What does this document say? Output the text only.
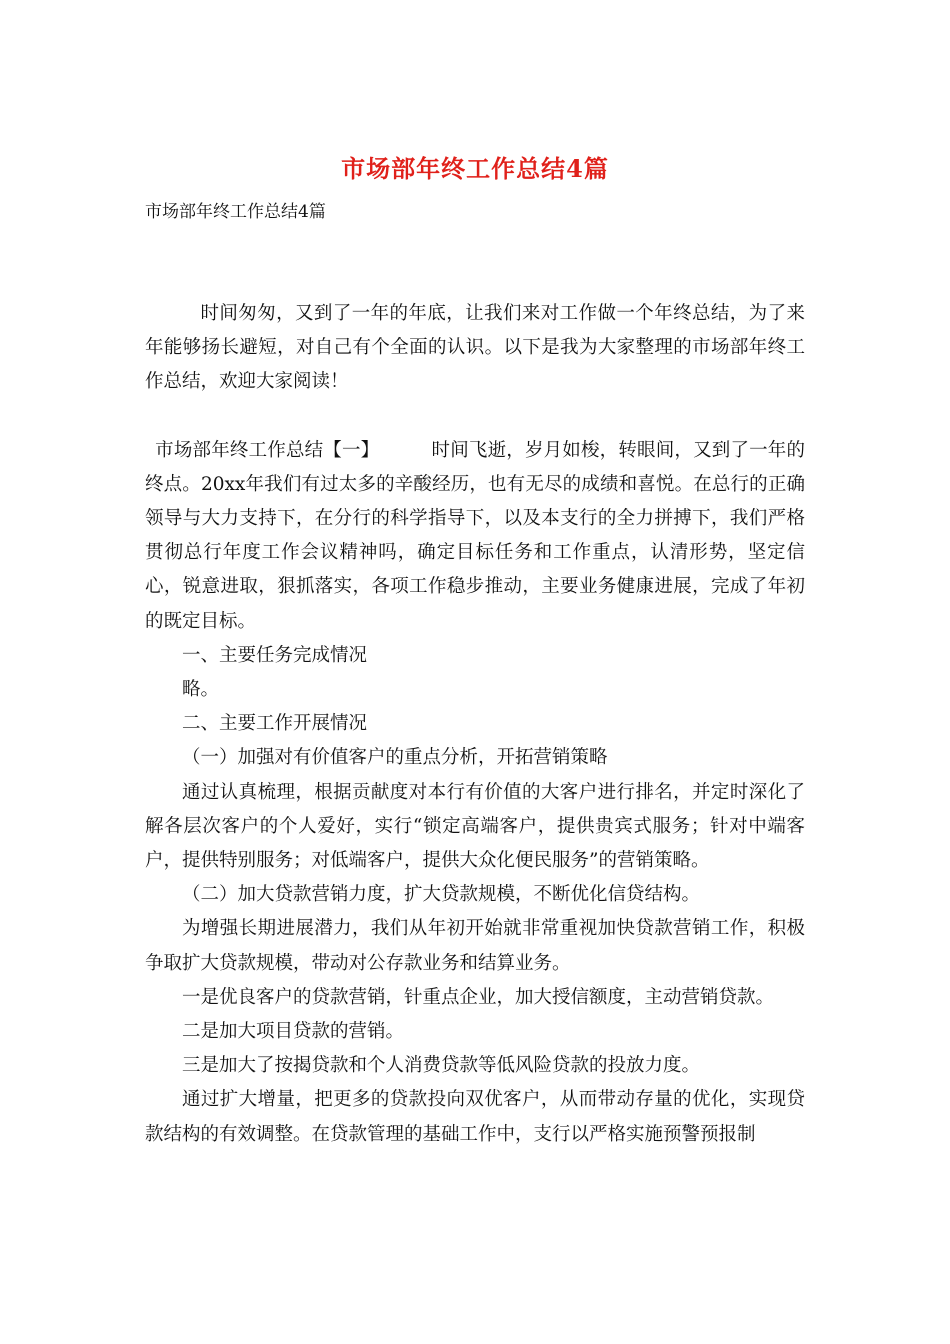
市场部年终工作总结4篇
市场部年终工作总结4篇

时间匆匆，又到了一年的年底，让我们来对工作做一个年终总结，为了来年能够扬长避短，对自己有个全面的认识。以下是我为大家整理的市场部年终工作总结，欢迎大家阅读！

市场部年终工作总结【一】	时间飞逝，岁月如梭，转眼间，又到了一年的终点。20xx年我们有过太多的辛酸经历，也有无尽的成绩和喜悦。在总行的正确领导与大力支持下，在分行的科学指导下，以及本支行的全力拼搏下，我们严格贯彻总行年度工作会议精神吗，确定目标任务和工作重点，认清形势，坚定信心，锐意进取，狠抓落实，各项工作稳步推动，主要业务健康进展，完成了年初的既定目标。

一、主要任务完成情况

略。

二、主要工作开展情况

（一）加强对有价值客户的重点分析，开拓营销策略

通过认真梳理，根据贡献度对本行有价值的大客户进行排名，并定时深化了解各层次客户的个人爱好，实行“锁定高端客户，提供贵宾式服务；针对中端客户，提供特别服务；对低端客户，提供大众化便民服务”的营销策略。

（二）加大贷款营销力度，扩大贷款规模，不断优化信贷结构。

为增强长期进展潜力，我们从年初开始就非常重视加快贷款营销工作，积极争取扩大贷款规模，带动对公存款业务和结算业务。

一是优良客户的贷款营销，针重点企业，加大授信额度，主动营销贷款。

二是加大项目贷款的营销。

三是加大了按揭贷款和个人消费贷款等低风险贷款的投放力度。

通过扩大增量，把更多的贷款投向双优客户，从而带动存量的优化，实现贷款结构的有效调整。在贷款管理的基础工作中，支行以严格实施预警预报制
